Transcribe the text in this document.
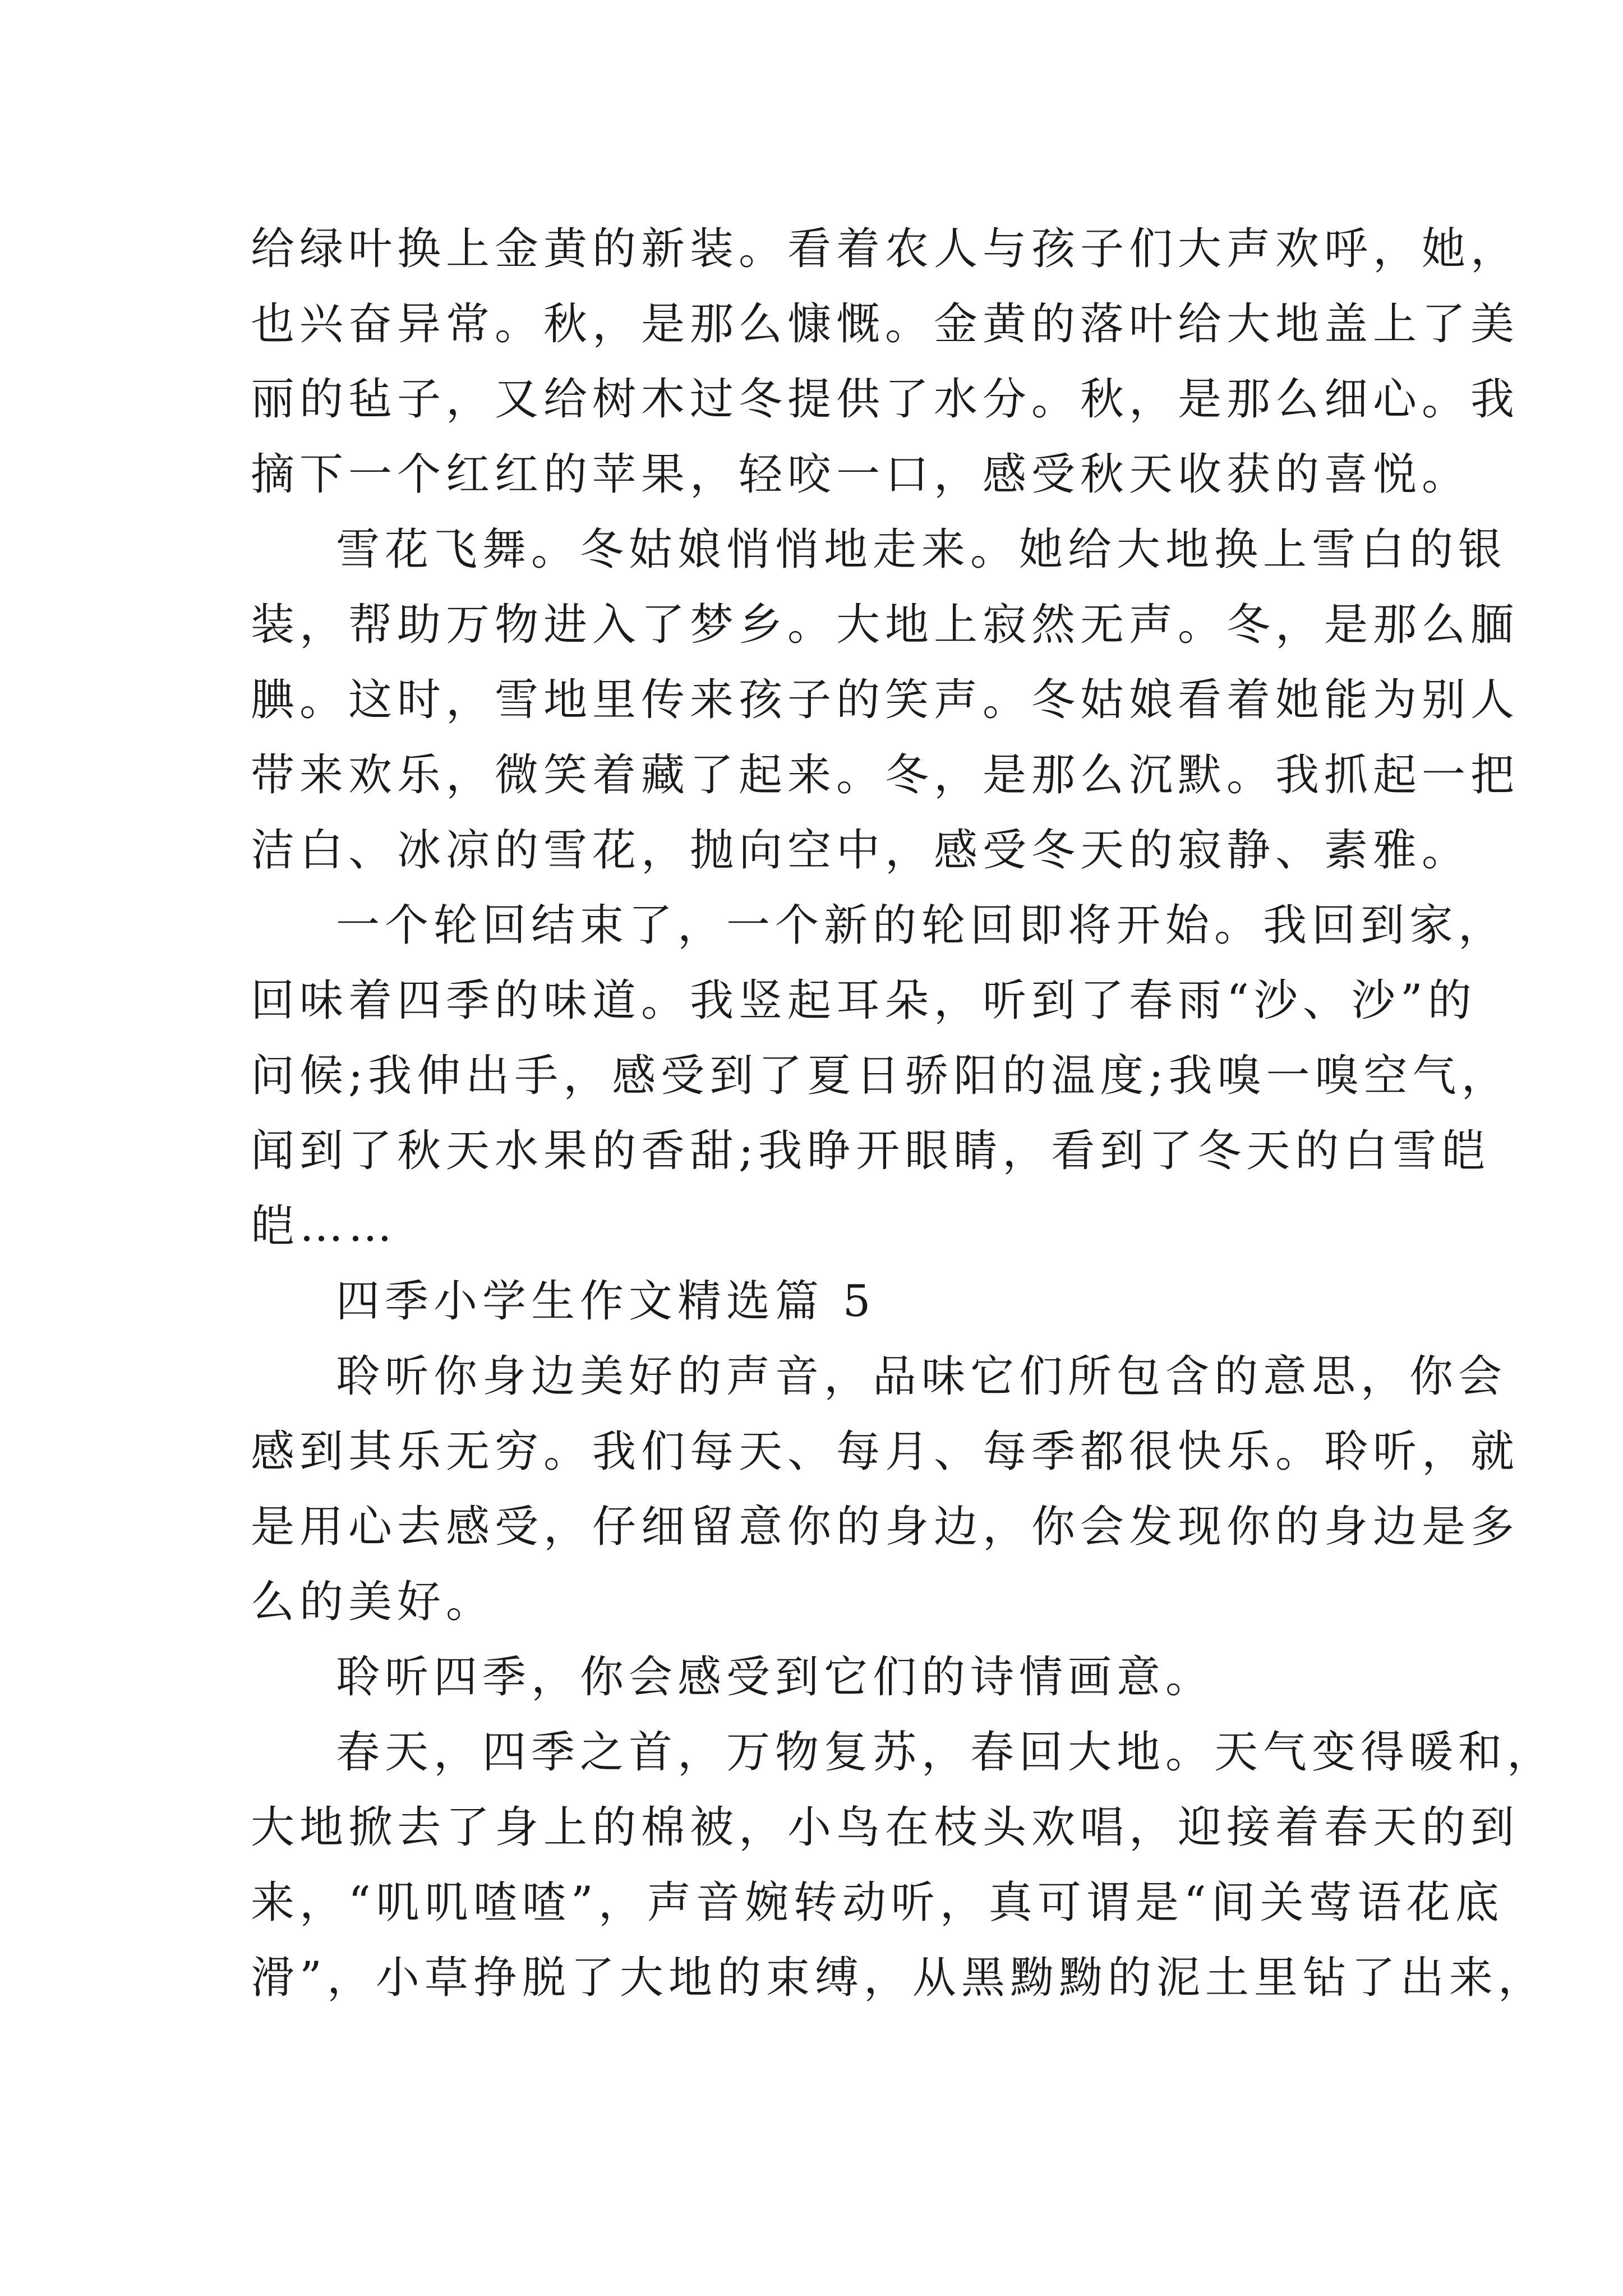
给绿叶换上金黄的新装。看着农人与孩子们大声欢呼，她，
也兴奋异常。秋，是那么慷慨。金黄的落叶给大地盖上了美
丽的毡子，又给树木过冬提供了水分。秋，是那么细心。我
摘下一个红红的苹果，轻咬一口，感受秋天收获的喜悦。
雪花飞舞。冬姑娘悄悄地走来。她给大地换上雪白的银
装，帮助万物进入了梦乡。大地上寂然无声。冬，是那么腼
腆。这时，雪地里传来孩子的笑声。冬姑娘看着她能为别人
带来欢乐，微笑着藏了起来。冬，是那么沉默。我抓起一把
洁白、冰凉的雪花，抛向空中，感受冬天的寂静、素雅。
一个轮回结束了，一个新的轮回即将开始。我回到家，
回味着四季的味道。我竖起耳朵，听到了春雨“沙、沙”的
问候;我伸出手，感受到了夏日骄阳的温度;我嗅一嗅空气，
闻到了秋天水果的香甜;我睁开眼睛，看到了冬天的白雪皑
皑……
四季小学生作文精选篇 5
聆听你身边美好的声音，品味它们所包含的意思，你会
感到其乐无穷。我们每天、每月、每季都很快乐。聆听，就
是用心去感受，仔细留意你的身边，你会发现你的身边是多
么的美好。
聆听四季，你会感受到它们的诗情画意。
春天，四季之首，万物复苏，春回大地。天气变得暖和，
大地掀去了身上的棉被，小鸟在枝头欢唱，迎接着春天的到
来，“叽叽喳喳”，声音婉转动听，真可谓是“间关莺语花底
滑”，小草挣脱了大地的束缚，从黑黝黝的泥土里钻了出来，
